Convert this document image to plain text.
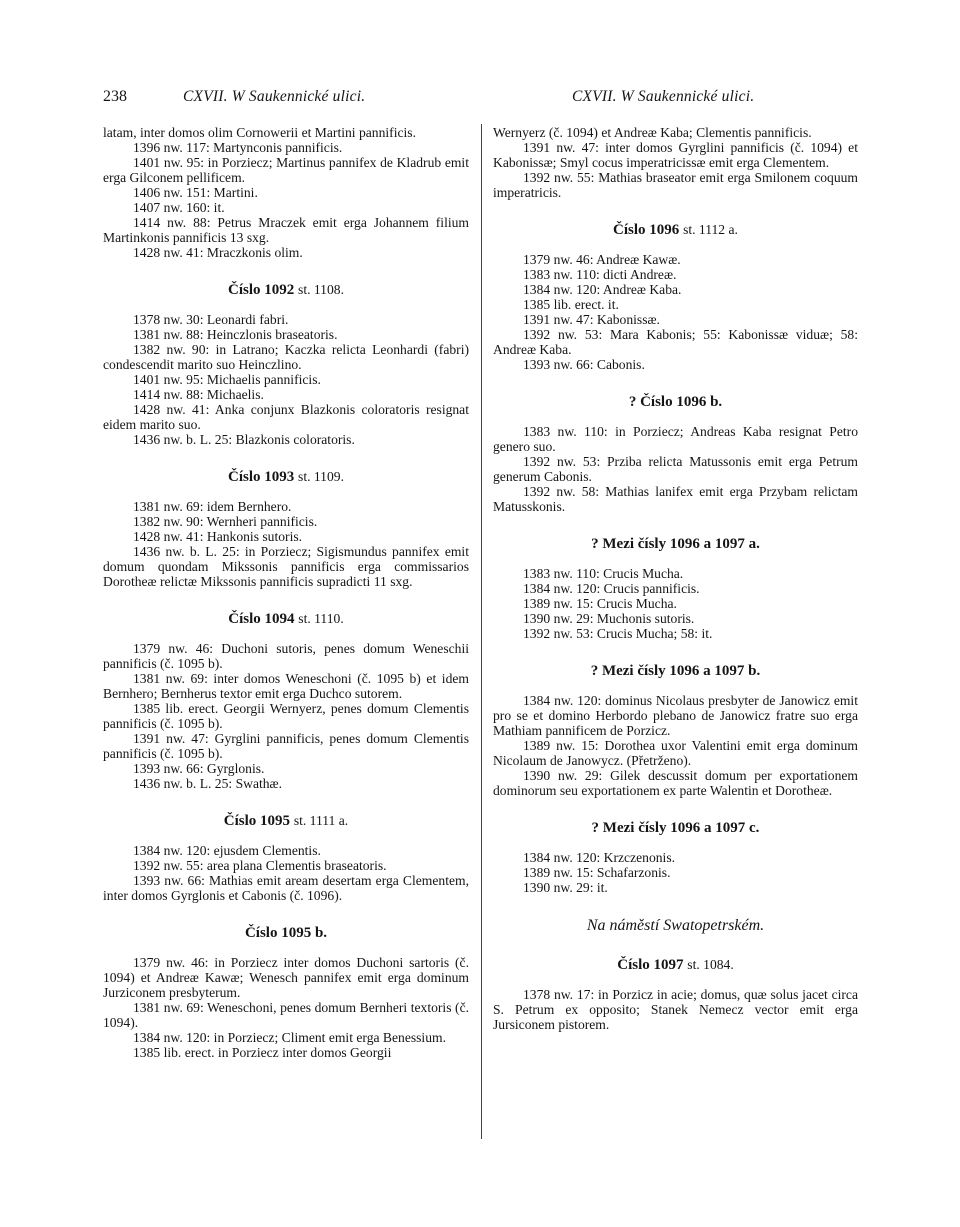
238	CXVII. W Saukennické ulici.	CXVII. W Saukennické ulici.

latam, inter domos olim Cornowerii et Martini pannificis.

1396 nw. 117: Martynconis pannificis.

1401 nw. 95: in Porziecz; Martinus pannifex de Kladrub emit erga Gilconem pellificem.

1406 nw. 151: Martini.

1407 nw. 160: it.

1414 nw. 88: Petrus Mraczek emit erga Johannem filium Martinkonis pannificis 13 sxg.

1428 nw. 41: Mraczkonis olim.

Číslo 1092 st. 1108.

1378 nw. 30: Leonardi fabri.

1381 nw. 88: Heinczlonis braseatoris.

1382 nw. 90: in Latrano; Kaczka relicta Leonhardi (fabri) condescendit marito suo Heinczlino.

1401 nw. 95: Michaelis pannificis.

1414 nw. 88: Michaelis.

1428 nw. 41: Anka conjunx Blazkonis coloratoris resignat eidem marito suo.

1436 nw. b. L. 25: Blazkonis coloratoris.

Číslo 1093 st. 1109.

1381 nw. 69: idem Bernhero.

1382 nw. 90: Wernheri pannificis.

1428 nw. 41: Hankonis sutoris.

1436 nw. b. L. 25: in Porziecz; Sigismundus pannifex emit domum quondam Mikssonis pannificis erga commissarios Dorotheæ relictæ Mikssonis pannificis supradicti 11 sxg.

Číslo 1094 st. 1110.

1379 nw. 46: Duchoni sutoris, penes domum Weneschii pannificis (č. 1095 b).

1381 nw. 69: inter domos Weneschoni (č. 1095 b) et idem Bernhero; Bernherus textor emit erga Duchco sutorem.

1385 lib. erect. Georgii Wernyerz, penes domum Clementis pannificis (č. 1095 b).

1391 nw. 47: Gyrglini pannificis, penes domum Clementis pannificis (č. 1095 b).

1393 nw. 66: Gyrglonis.

1436 nw. b. L. 25: Swathæ.

Číslo 1095 st. 1111 a.

1384 nw. 120: ejusdem Clementis.

1392 nw. 55: area plana Clementis braseatoris.

1393 nw. 66: Mathias emit aream desertam erga Clementem, inter domos Gyrglonis et Cabonis (č. 1096).

Číslo 1095 b.

1379 nw. 46: in Porziecz inter domos Duchoni sartoris (č. 1094) et Andreæ Kawæ; Wenesch pannifex emit erga dominum Jurziconem presbyterum.

1381 nw. 69: Weneschoni, penes domum Bernheri textoris (č. 1094).

1384 nw. 120: in Porziecz; Climent emit erga Benessium.

1385 lib. erect. in Porziecz inter domos Georgii

Wernyerz (č. 1094) et Andreæ Kaba; Clementis pannificis.

1391 nw. 47: inter domos Gyrglini pannificis (č. 1094) et Kabonissæ; Smyl cocus imperatricissæ emit erga Clementem.

1392 nw. 55: Mathias braseator emit erga Smilonem coquum imperatricis.

Číslo 1096 st. 1112 a.

1379 nw. 46: Andreæ Kawæ.

1383 nw. 110: dicti Andreæ.

1384 nw. 120: Andreæ Kaba.

1385 lib. erect. it.

1391 nw. 47: Kabonissæ.

1392 nw. 53: Mara Kabonis; 55: Kabonissæ viduæ; 58: Andreæ Kaba.

1393 nw. 66: Cabonis.

? Číslo 1096 b.

1383 nw. 110: in Porziecz; Andreas Kaba resignat Petro genero suo.

1392 nw. 53: Prziba relicta Matussonis emit erga Petrum generum Cabonis.

1392 nw. 58: Mathias lanifex emit erga Przybam relictam Matusskonis.

? Mezi čísly 1096 a 1097 a.

1383 nw. 110: Crucis Mucha.

1384 nw. 120: Crucis pannificis.

1389 nw. 15: Crucis Mucha.

1390 nw. 29: Muchonis sutoris.

1392 nw. 53: Crucis Mucha; 58: it.

? Mezi čísly 1096 a 1097 b.

1384 nw. 120: dominus Nicolaus presbyter de Janowicz emit pro se et domino Herbordo plebano de Janowicz fratre suo erga Mathiam pannificem de Porzicz.

1389 nw. 15: Dorothea uxor Valentini emit erga dominum Nicolaum de Janowycz. (Přetrženo).

1390 nw. 29: Gilek descussit domum per exportationem dominorum seu exportationem ex parte Walentin et Dorotheæ.

? Mezi čísly 1096 a 1097 c.

1384 nw. 120: Krzczenonis.

1389 nw. 15: Schafarzonis.

1390 nw. 29: it.

Na náměstí Swatopetrském.
Číslo 1097 st. 1084.

1378 nw. 17: in Porzicz in acie; domus, quæ solus jacet circa S. Petrum ex opposito; Stanek Nemecz vector emit erga Jursiconem pistorem.
